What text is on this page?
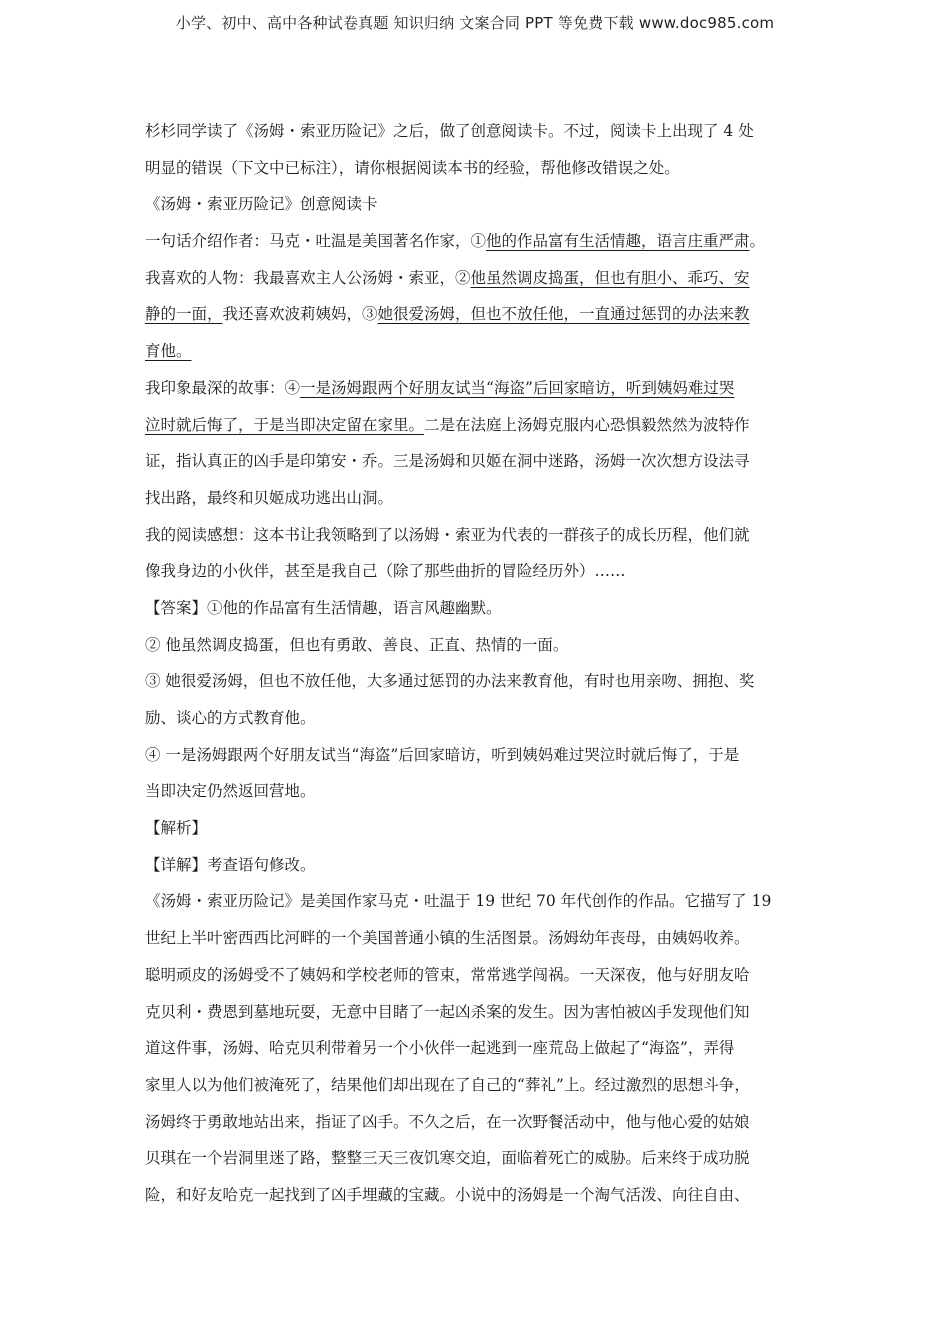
小学、初中、高中各种试卷真题 知识归纳 文案合同 PPT 等免费下载 www.doc985.com
杉杉同学读了《汤姆・索亚历险记》之后，做了创意阅读卡。不过，阅读卡上出现了 4 处
明显的错误（下文中已标注），请你根据阅读本书的经验，帮他修改错误之处。
《汤姆・索亚历险记》创意阅读卡
一句话介绍作者：马克・吐温是美国著名作家，①他的作品富有生活情趣，语言庄重严肃。
我喜欢的人物：我最喜欢主人公汤姆・索亚，②他虽然调皮捣蛋，但也有胆小、乖巧、安
静的一面，我还喜欢波莉姨妈，③她很爱汤姆，但也不放任他，一直通过惩罚的办法来教
育他。
我印象最深的故事：④一是汤姆跟两个好朋友试当“海盗”后回家暗访，听到姨妈难过哭
泣时就后悔了，于是当即决定留在家里。二是在法庭上汤姆克服内心恐惧毅然然为波特作
证，指认真正的凶手是印第安・乔。三是汤姆和贝姬在洞中迷路，汤姆一次次想方设法寻
找出路，最终和贝姬成功逃出山洞。
我的阅读感想：这本书让我领略到了以汤姆・索亚为代表的一群孩子的成长历程，他们就
像我身边的小伙伴，甚至是我自己（除了那些曲折的冒险经历外）……
【答案】①他的作品富有生活情趣，语言风趣幽默。
② 他虽然调皮捣蛋，但也有勇敢、善良、正直、热情的一面。
③ 她很爱汤姆，但也不放任他，大多通过惩罚的办法来教育他，有时也用亲吻、拥抱、奖
励、谈心的方式教育他。
④ 一是汤姆跟两个好朋友试当“海盗”后回家暗访，听到姨妈难过哭泣时就后悔了，于是
当即决定仍然返回营地。
【解析】
【详解】考查语句修改。
《汤姆・索亚历险记》是美国作家马克・吐温于 19 世纪 70 年代创作的作品。它描写了 19
世纪上半叶密西西比河畔的一个美国普通小镇的生活图景。汤姆幼年丧母，由姨妈收养。
聪明顽皮的汤姆受不了姨妈和学校老师的管束，常常逃学闯祸。一天深夜，他与好朋友哈
克贝利・费恩到墓地玩耍，无意中目睹了一起凶杀案的发生。因为害怕被凶手发现他们知
道这件事，汤姆、哈克贝利带着另一个小伙伴一起逃到一座荒岛上做起了“海盗”，弄得
家里人以为他们被淹死了，结果他们却出现在了自己的“葬礼”上。经过激烈的思想斗争，
汤姆终于勇敢地站出来，指证了凶手。不久之后，在一次野餐活动中，他与他心爱的姑娘
贝琪在一个岩洞里迷了路，整整三天三夜饥寒交迫，面临着死亡的威胁。后来终于成功脱
险，和好友哈克一起找到了凶手埋藏的宝藏。小说中的汤姆是一个淘气活泼、向往自由、
